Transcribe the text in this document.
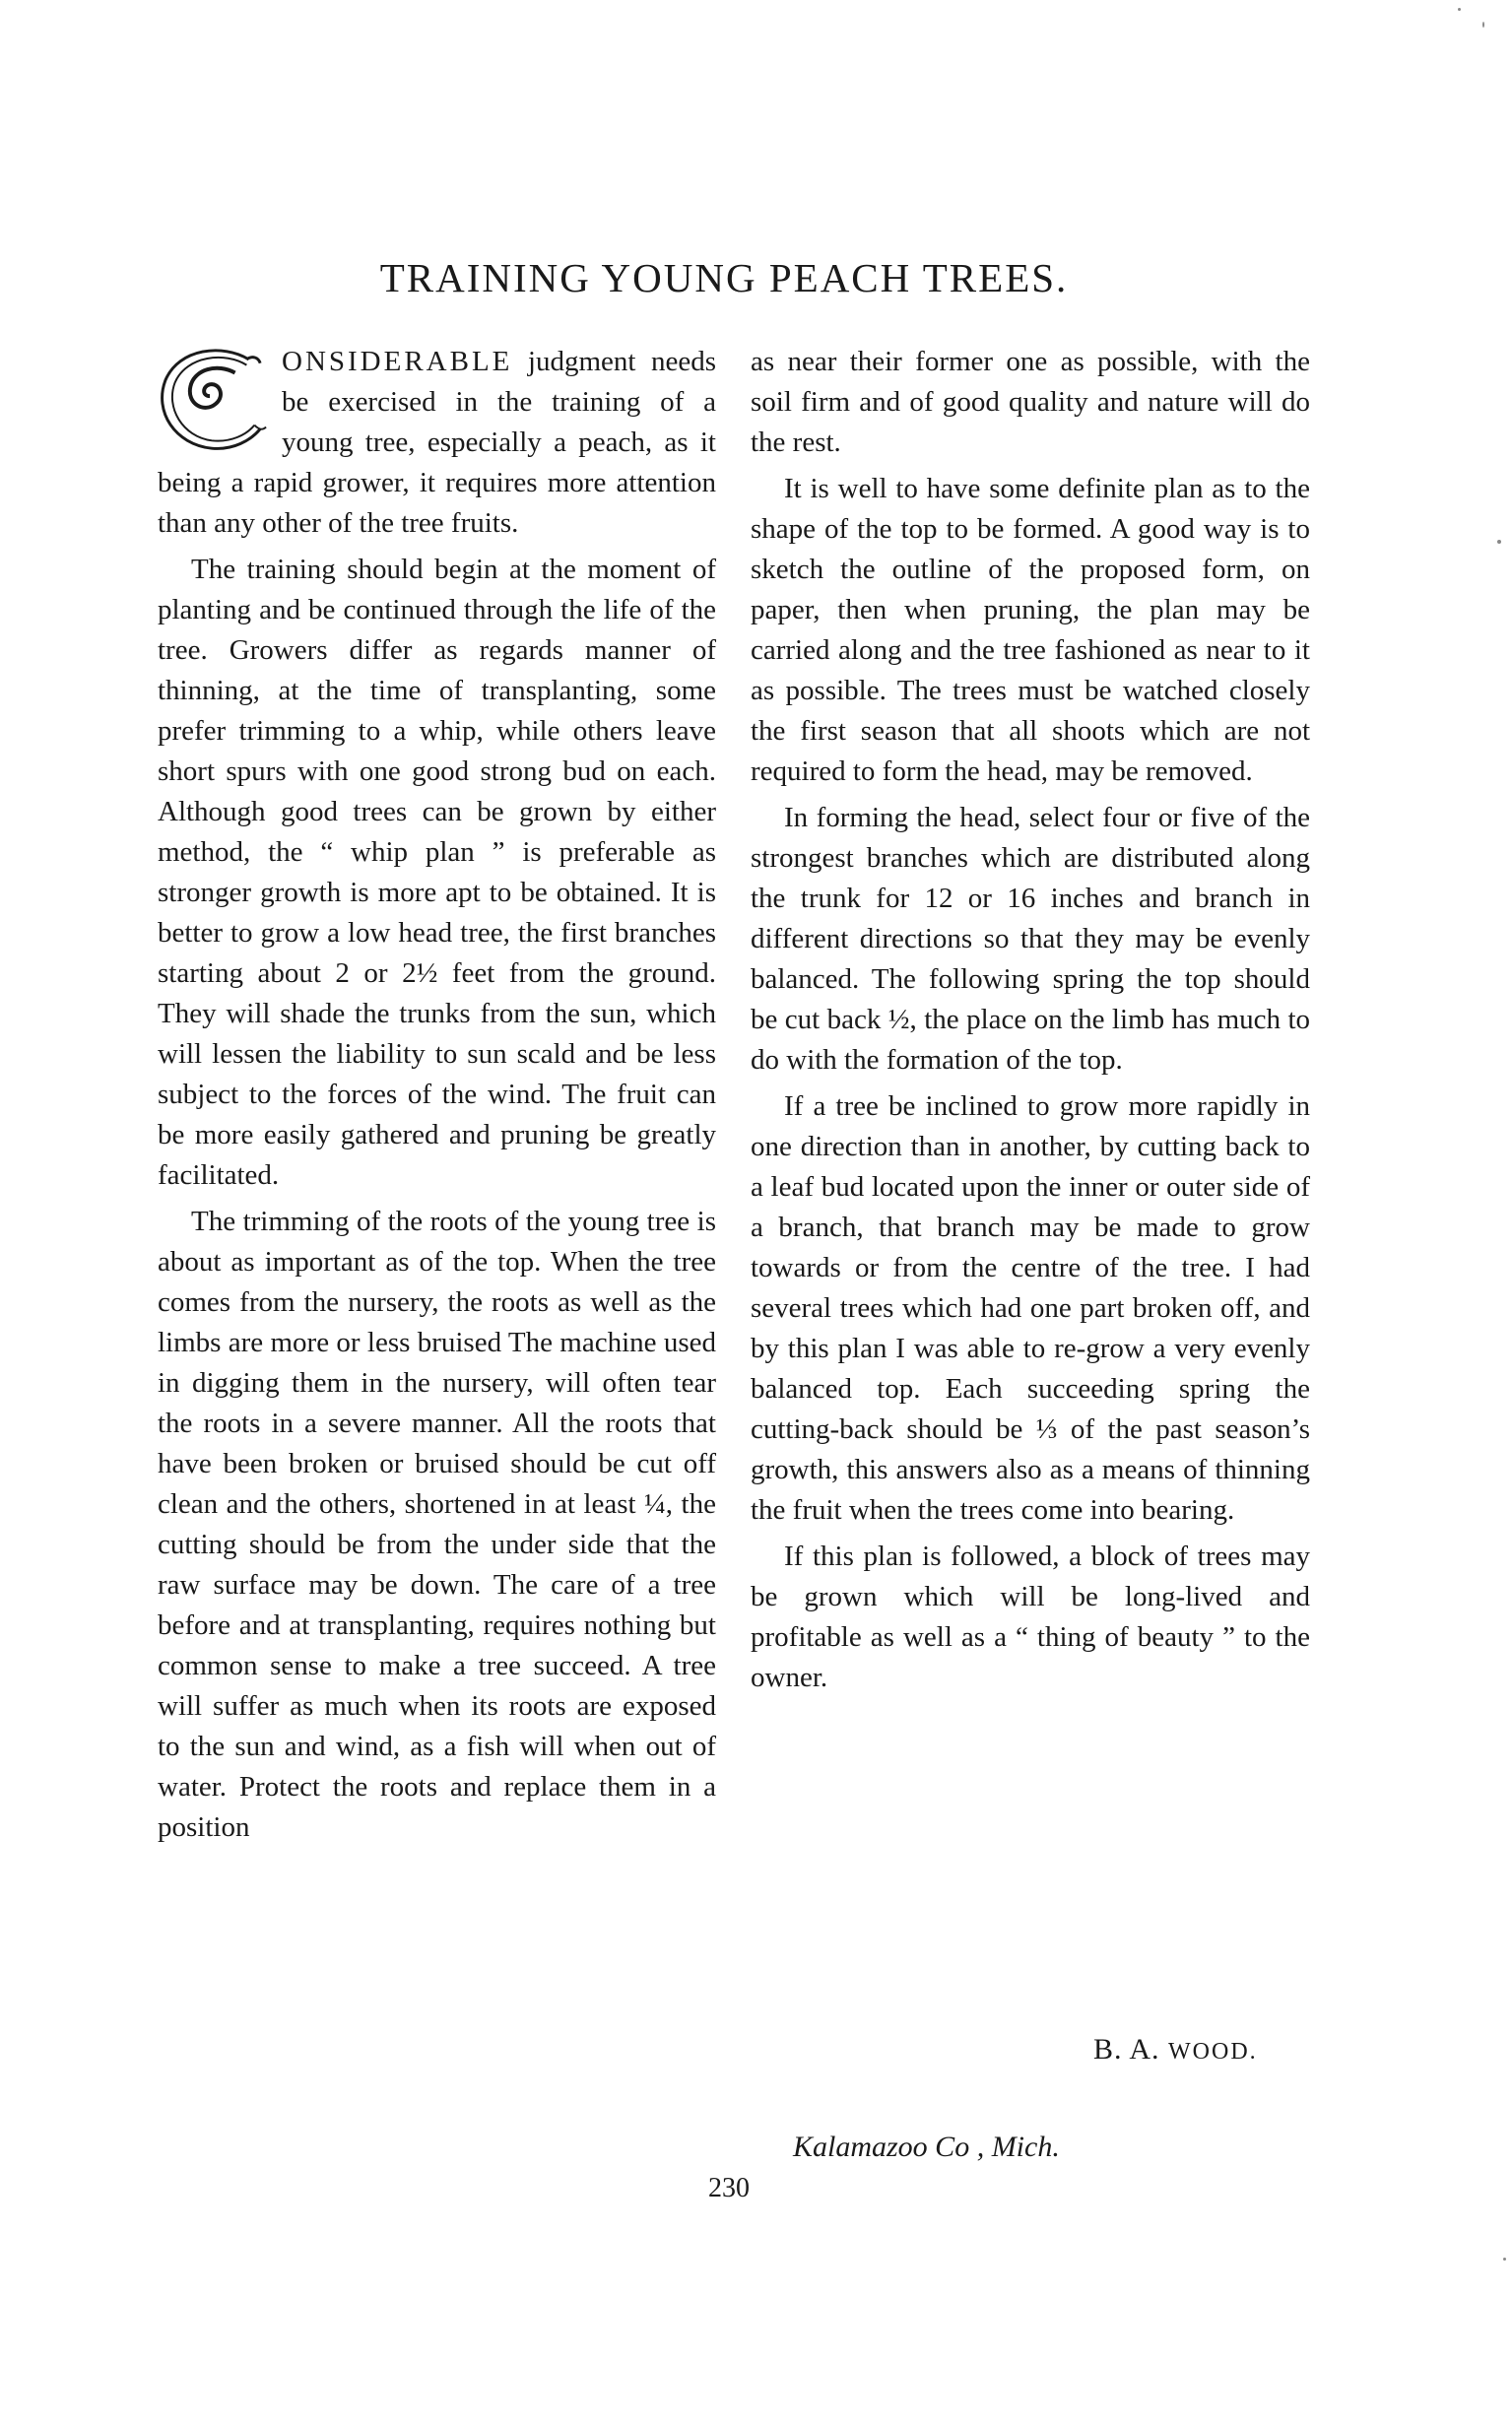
TRAINING YOUNG PEACH TREES.

ONSIDERABLE judgment needs be exercised in the training of a young tree, especially a peach, as it being a rapid grower, it requires more attention than any other of the tree fruits.

The training should begin at the moment of planting and be continued through the life of the tree. Growers differ as regards manner of thinning, at the time of transplanting, some prefer trimming to a whip, while others leave short spurs with one good strong bud on each. Although good trees can be grown by either method, the “ whip plan ” is preferable as stronger growth is more apt to be obtained. It is better to grow a low head tree, the first branches starting about 2 or 2½ feet from the ground. They will shade the trunks from the sun, which will lessen the liability to sun scald and be less subject to the forces of the wind. The fruit can be more easily gathered and pruning be greatly facilitated.

The trimming of the roots of the young tree is about as important as of the top. When the tree comes from the nursery, the roots as well as the limbs are more or less bruised The machine used in digging them in the nursery, will often tear the roots in a severe manner. All the roots that have been broken or bruised should be cut off clean and the others, shortened in at least ¼, the cutting should be from the under side that the raw surface may be down. The care of a tree before and at transplanting, requires nothing but common sense to make a tree succeed. A tree will suffer as much when its roots are exposed to the sun and wind, as a fish will when out of water. Protect the roots and replace them in a position

as near their former one as possible, with the soil firm and of good quality and nature will do the rest.

It is well to have some definite plan as to the shape of the top to be formed. A good way is to sketch the outline of the proposed form, on paper, then when pruning, the plan may be carried along and the tree fashioned as near to it as possible. The trees must be watched closely the first season that all shoots which are not required to form the head, may be removed.

In forming the head, select four or five of the strongest branches which are distributed along the trunk for 12 or 16 inches and branch in different directions so that they may be evenly balanced. The following spring the top should be cut back ½, the place on the limb has much to do with the formation of the top.

If a tree be inclined to grow more rapidly in one direction than in another, by cutting back to a leaf bud located upon the inner or outer side of a branch, that branch may be made to grow towards or from the centre of the tree. I had several trees which had one part broken off, and by this plan I was able to re-grow a very evenly balanced top. Each succeeding spring the cutting-back should be ⅓ of the past season’s growth, this answers also as a means of thinning the fruit when the trees come into bearing.

If this plan is followed, a block of trees may be grown which will be long-lived and profitable as well as a “ thing of beauty ” to the owner.

B. A. WOOD.
Kalamazoo Co , Mich.
230
